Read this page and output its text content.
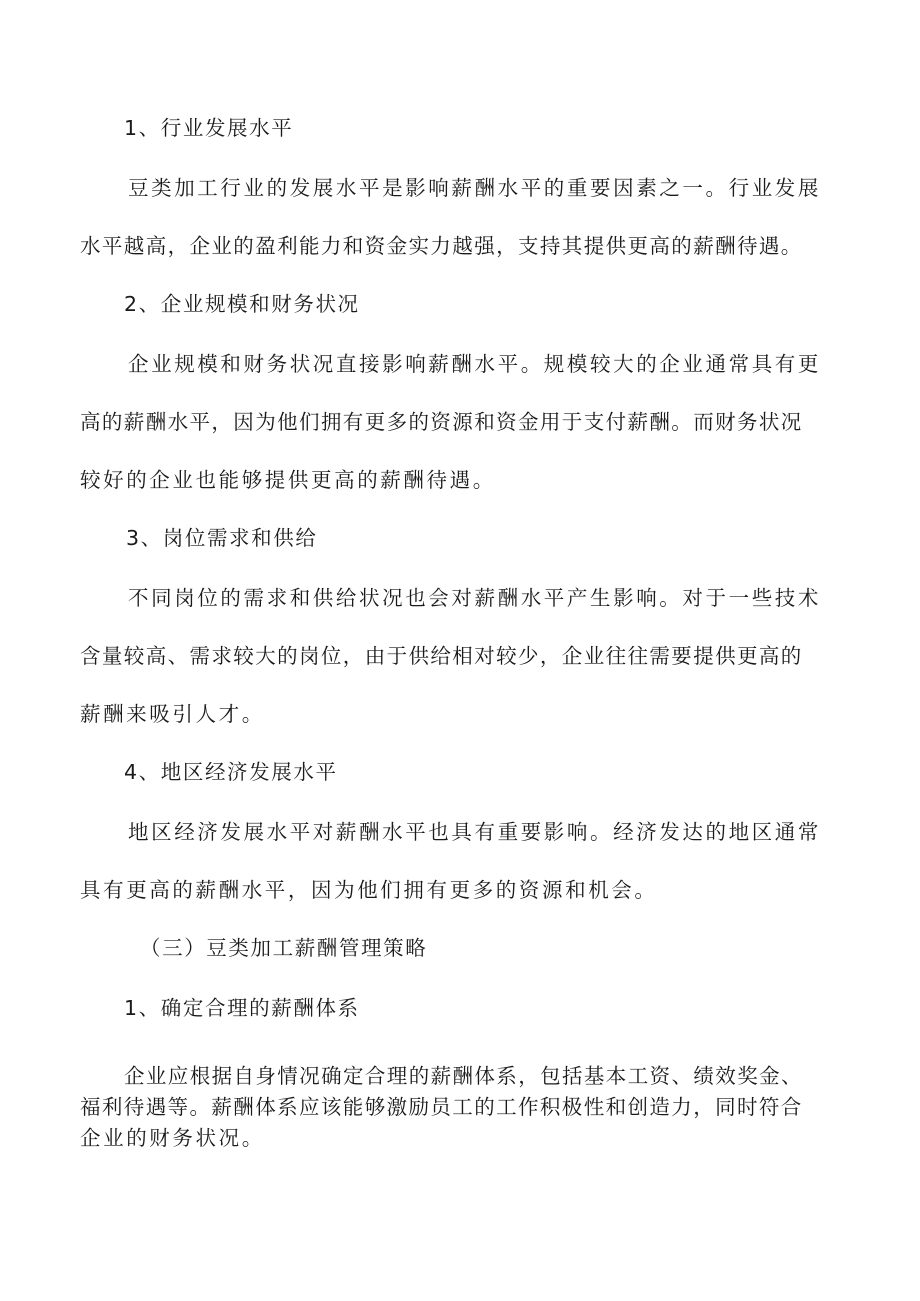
1、行业发展水平

豆类加工行业的发展水平是影响薪酬水平的重要因素之一。行业发展

水平越高，企业的盈利能力和资金实力越强，支持其提供更高的薪酬待遇。

2、企业规模和财务状况

企业规模和财务状况直接影响薪酬水平。规模较大的企业通常具有更

高的薪酬水平，因为他们拥有更多的资源和资金用于支付薪酬。而财务状况

较好的企业也能够提供更高的薪酬待遇。

3、岗位需求和供给

不同岗位的需求和供给状况也会对薪酬水平产生影响。对于一些技术

含量较高、需求较大的岗位，由于供给相对较少，企业往往需要提供更高的

薪酬来吸引人才。

4、地区经济发展水平

地区经济发展水平对薪酬水平也具有重要影响。经济发达的地区通常

具有更高的薪酬水平，因为他们拥有更多的资源和机会。

（三）豆类加工薪酬管理策略

1、确定合理的薪酬体系

企业应根据自身情况确定合理的薪酬体系，包括基本工资、绩效奖金、

福利待遇等。薪酬体系应该能够激励员工的工作积极性和创造力，同时符合

企业的财务状况。
